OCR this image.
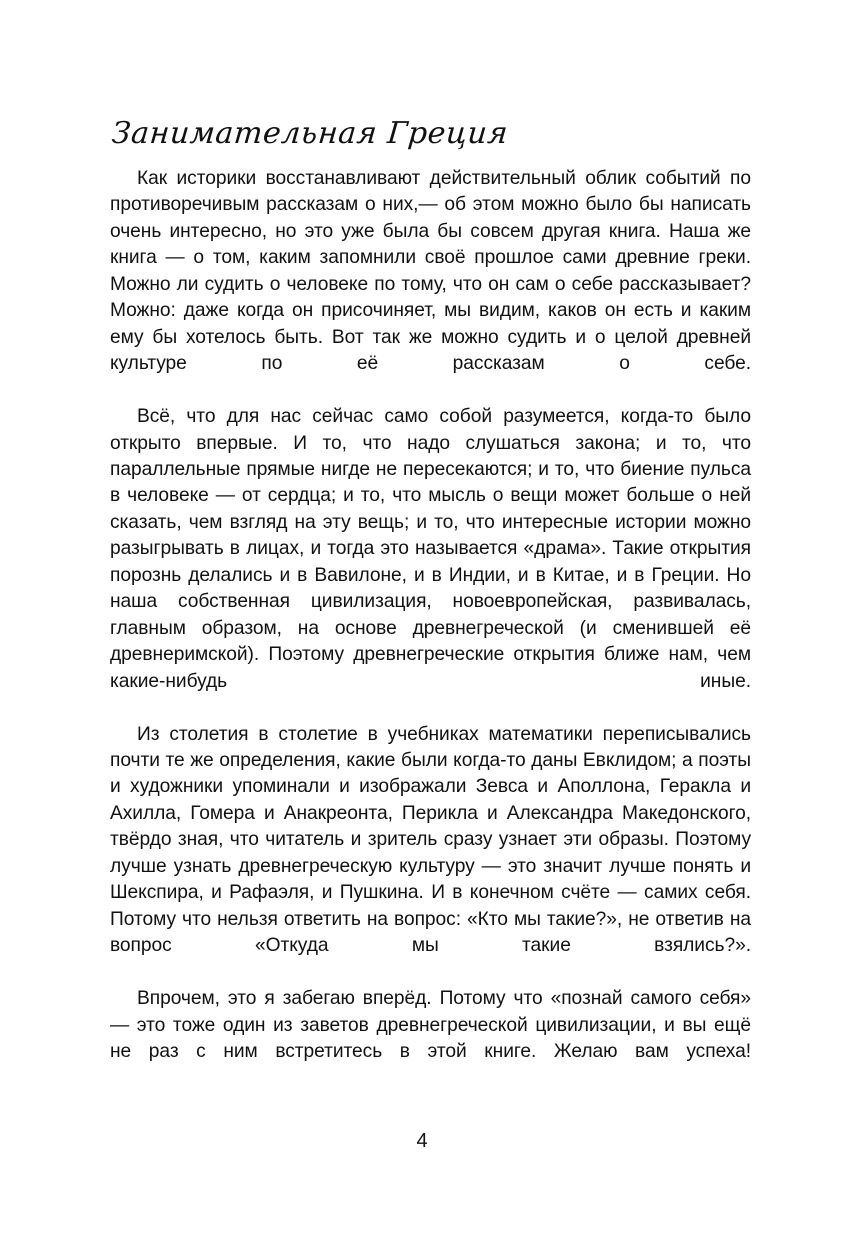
Занимательная Греция

Как историки восстанавливают действительный облик событий по противоречивым рассказам о них,— об этом можно было бы написать очень интересно, но это уже была бы совсем другая книга. Наша же книга — о том, каким запомнили своё прошлое сами древние греки. Можно ли судить о человеке по тому, что он сам о себе рассказывает? Можно: даже когда он присочиняет, мы видим, каков он есть и каким ему бы хотелось быть. Вот так же можно судить и о целой древней культуре по её рассказам о себе.

Всё, что для нас сейчас само собой разумеется, когда-то было открыто впервые. И то, что надо слушаться закона; и то, что параллельные прямые нигде не пересекаются; и то, что биение пульса в человеке — от сердца; и то, что мысль о вещи может больше о ней сказать, чем взгляд на эту вещь; и то, что интересные истории можно разыгрывать в лицах, и тогда это называется «драма». Такие открытия порознь делались и в Вавилоне, и в Индии, и в Китае, и в Греции. Но наша собственная цивилизация, новоевропейская, развивалась, главным образом, на основе древнегреческой (и сменившей её древнеримской). Поэтому древнегреческие открытия ближе нам, чем какие-нибудь иные.

Из столетия в столетие в учебниках математики переписывались почти те же определения, какие были когда-то даны Евклидом; а поэты и художники упоминали и изображали Зевса и Аполлона, Геракла и Ахилла, Гомера и Анакреонта, Перикла и Александра Македонского, твёрдо зная, что читатель и зритель сразу узнает эти образы. Поэтому лучше узнать древнегреческую культуру — это значит лучше понять и Шекспира, и Рафаэля, и Пушкина. И в конечном счёте — самих себя. Потому что нельзя ответить на вопрос: «Кто мы такие?», не ответив на вопрос «Откуда мы такие взялись?».

Впрочем, это я забегаю вперёд. Потому что «познай самого себя» — это тоже один из заветов древнегреческой цивилизации, и вы ещё не раз с ним встретитесь в этой книге. Желаю вам успеха!

4
